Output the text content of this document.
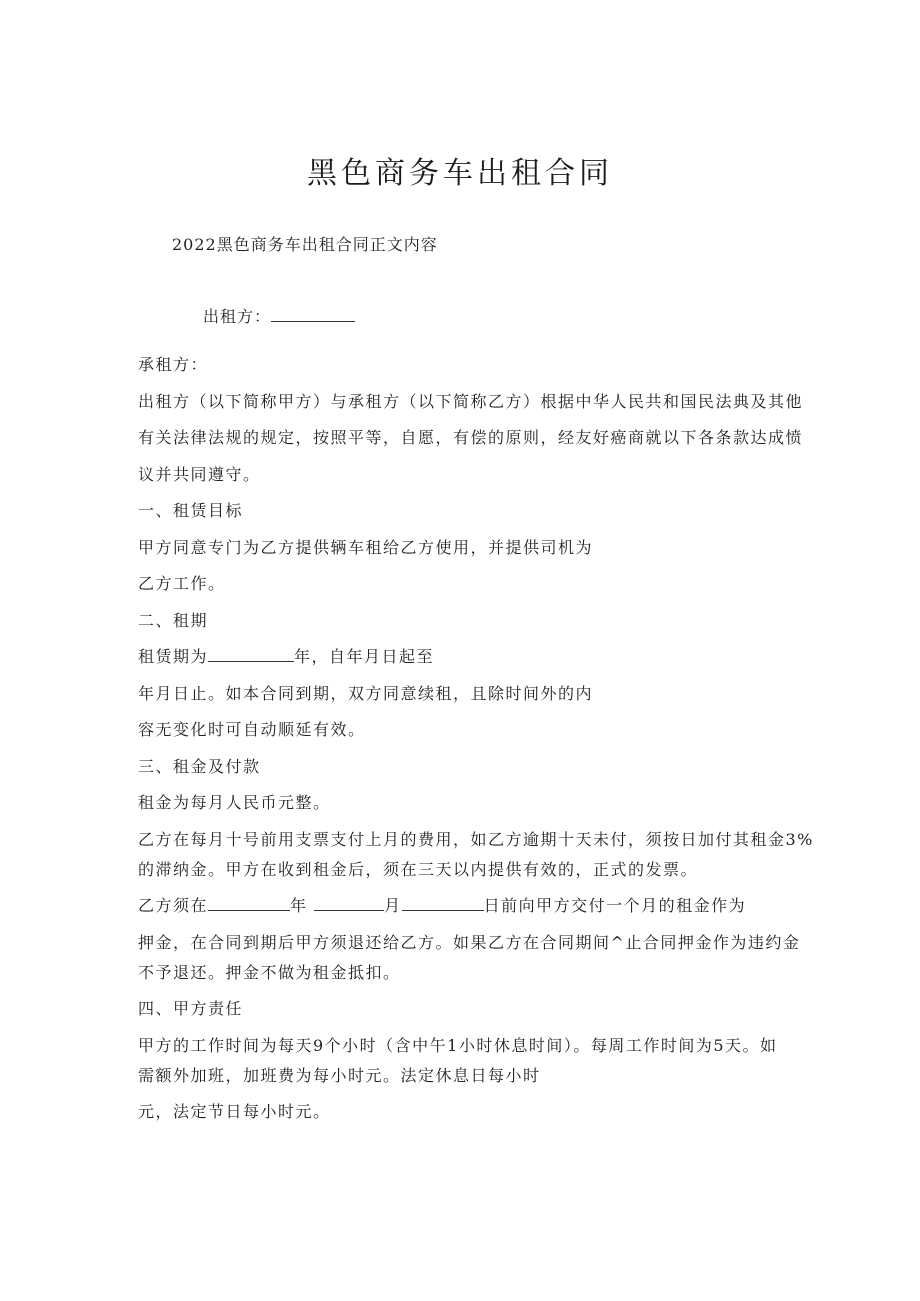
黑色商务车出租合同
2022黑色商务车出租合同正文内容
出租方：
承租方：
出租方（以下简称甲方）与承租方（以下简称乙方）根据中华人民共和国民法典及其他
有关法律法规的规定，按照平等，自愿，有偿的原则，经友好癌商就以下各条款达成愤
议并共同遵守。
一、租赁目标
甲方同意专门为乙方提供辆车租给乙方使用，并提供司机为
乙方工作。
二、租期
租赁期为	年，自年月日起至
年月日止。如本合同到期，双方同意续租，且除时间外的内
容无变化时可自动顺延有效。
三、租金及付款
租金为每月人民币元整。
乙方在每月十号前用支票支付上月的费用，如乙方逾期十天未付，须按日加付其租金3%
的滞纳金。甲方在收到租金后，须在三天以内提供有效的，正式的发票。
乙方须在	年	月	日前向甲方交付一个月的租金作为
押金，在合同到期后甲方须退还给乙方。如果乙方在合同期间^止合同押金作为违约金
不予退还。押金不做为租金抵扣。
四、甲方责任
甲方的工作时间为每天9个小时（含中午1小时休息时间）。每周工作时间为5天。如
需额外加班，加班费为每小时元。法定休息日每小时
元，法定节日每小时元。
